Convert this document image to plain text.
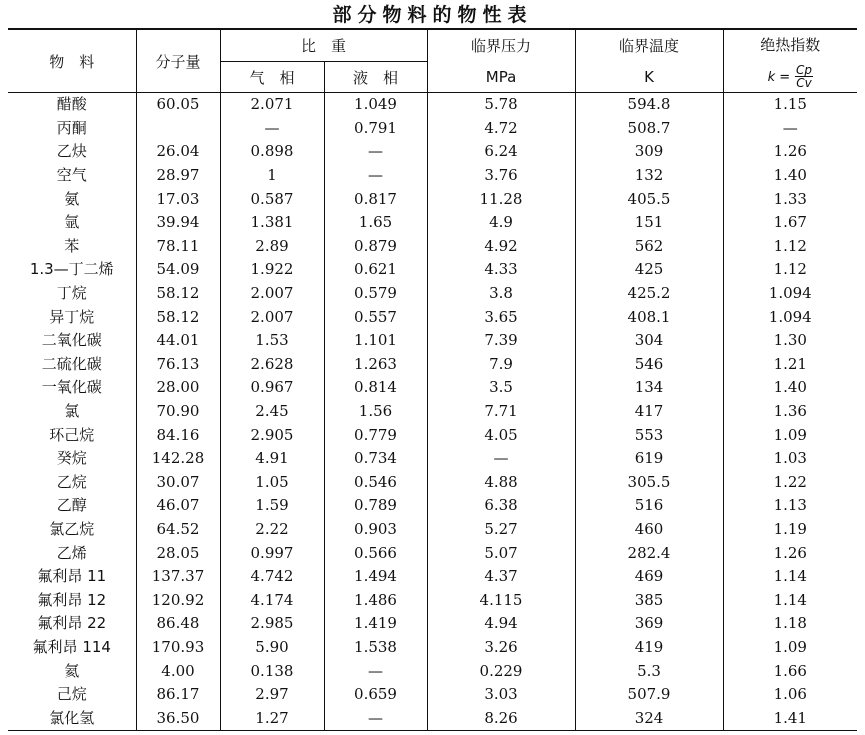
部分物料的物性表
物　料	分子量	比　重		临界压力	临界温度	绝热指数
		气　相	液　相	MPa	K	$k = \frac{Cp}{Cv}$

醋酸	60.05	2.071	1.049	5.78	594.8	1.15
丙酮		—	0.791	4.72	508.7	—
乙炔	26.04	0.898	—	6.24	309	1.26
空气	28.97	1	—	3.76	132	1.40
氨	17.03	0.587	0.817	11.28	405.5	1.33
氩	39.94	1.381	1.65	4.9	151	1.67
苯	78.11	2.89	0.879	4.92	562	1.12
1.3—丁二烯	54.09	1.922	0.621	4.33	425	1.12
丁烷	58.12	2.007	0.579	3.8	425.2	1.094
异丁烷	58.12	2.007	0.557	3.65	408.1	1.094
二氧化碳	44.01	1.53	1.101	7.39	304	1.30
二硫化碳	76.13	2.628	1.263	7.9	546	1.21
一氧化碳	28.00	0.967	0.814	3.5	134	1.40
氯	70.90	2.45	1.56	7.71	417	1.36
环己烷	84.16	2.905	0.779	4.05	553	1.09
癸烷	142.28	4.91	0.734	—	619	1.03
乙烷	30.07	1.05	0.546	4.88	305.5	1.22
乙醇	46.07	1.59	0.789	6.38	516	1.13
氯乙烷	64.52	2.22	0.903	5.27	460	1.19
乙烯	28.05	0.997	0.566	5.07	282.4	1.26
氟利昂 11	137.37	4.742	1.494	4.37	469	1.14
氟利昂 12	120.92	4.174	1.486	4.115	385	1.14
氟利昂 22	86.48	2.985	1.419	4.94	369	1.18
氟利昂 114	170.93	5.90	1.538	3.26	419	1.09
氦	4.00	0.138	—	0.229	5.3	1.66
己烷	86.17	2.97	0.659	3.03	507.9	1.06
氯化氢	36.50	1.27	—	8.26	324	1.41
